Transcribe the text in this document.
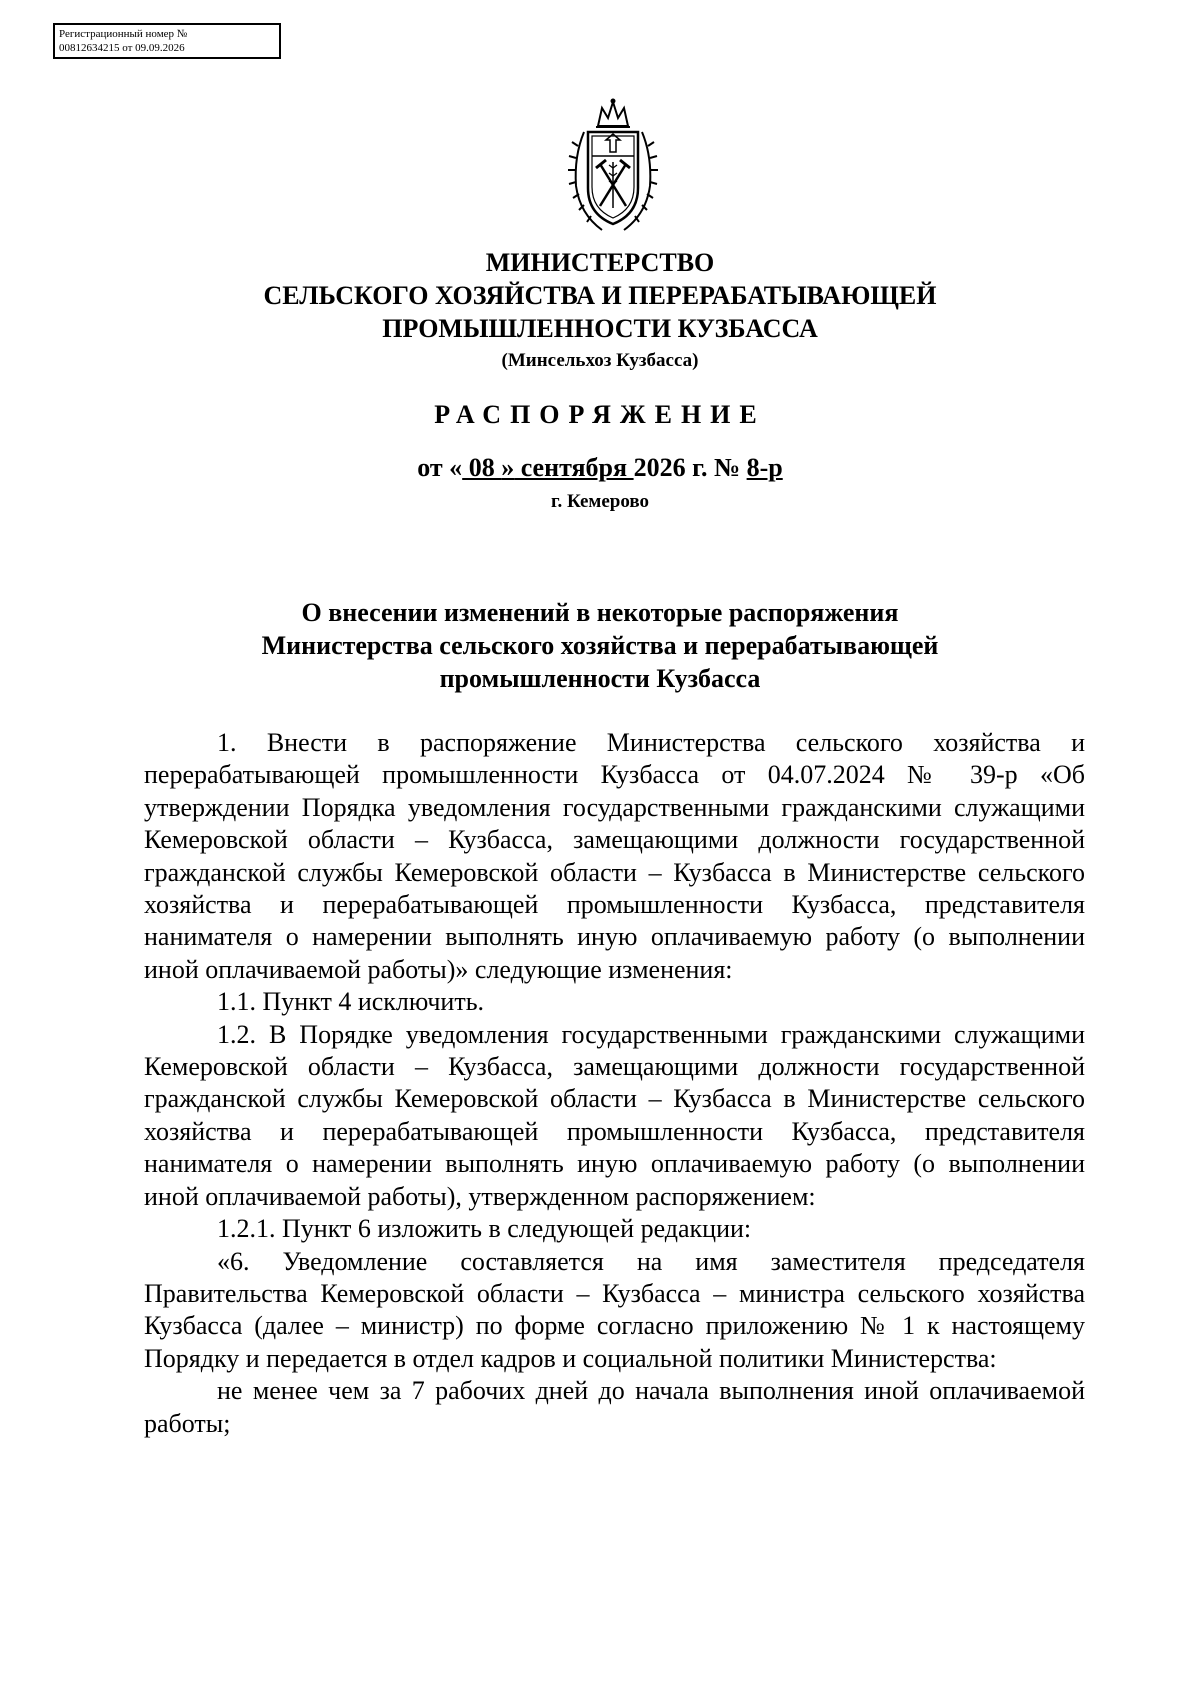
Регистрационный номер №
00812634215 от 09.09.2026
МИНИСТЕРСТВО
СЕЛЬСКОГО ХОЗЯЙСТВА И ПЕРЕРАБАТЫВАЮЩЕЙ
ПРОМЫШЛЕННОСТИ КУЗБАССА
(Минсельхоз Кузбасса)
РАСПОРЯЖЕНИЕ
от « 08 » сентября 2026 г. № 8-р
г. Кемерово
О внесении изменений в некоторые распоряжения
Министерства сельского хозяйства и перерабатывающей
промышленности Кузбасса

1. Внести в распоряжение Министерства сельского хозяйства и перерабатывающей промышленности Кузбасса от 04.07.2024 № 39-р «Об утверждении Порядка уведомления государственными гражданскими служащими Кемеровской области – Кузбасса, замещающими должности государственной гражданской службы Кемеровской области – Кузбасса в Министерстве сельского хозяйства и перерабатывающей промышленности Кузбасса, представителя нанимателя о намерении выполнять иную оплачиваемую работу (о выполнении иной оплачиваемой работы)» следующие изменения:

1.1. Пункт 4 исключить.

1.2. В Порядке уведомления государственными гражданскими служащими Кемеровской области – Кузбасса, замещающими должности государственной гражданской службы Кемеровской области – Кузбасса в Министерстве сельского хозяйства и перерабатывающей промышленности Кузбасса, представителя нанимателя о намерении выполнять иную оплачиваемую работу (о выполнении иной оплачиваемой работы), утвержденном распоряжением:

1.2.1. Пункт 6 изложить в следующей редакции:

«6. Уведомление составляется на имя заместителя председателя Правительства Кемеровской области – Кузбасса – министра сельского хозяйства Кузбасса (далее – министр) по форме согласно приложению № 1 к настоящему Порядку и передается в отдел кадров и социальной политики Министерства:

не менее чем за 7 рабочих дней до начала выполнения иной оплачиваемой работы;
